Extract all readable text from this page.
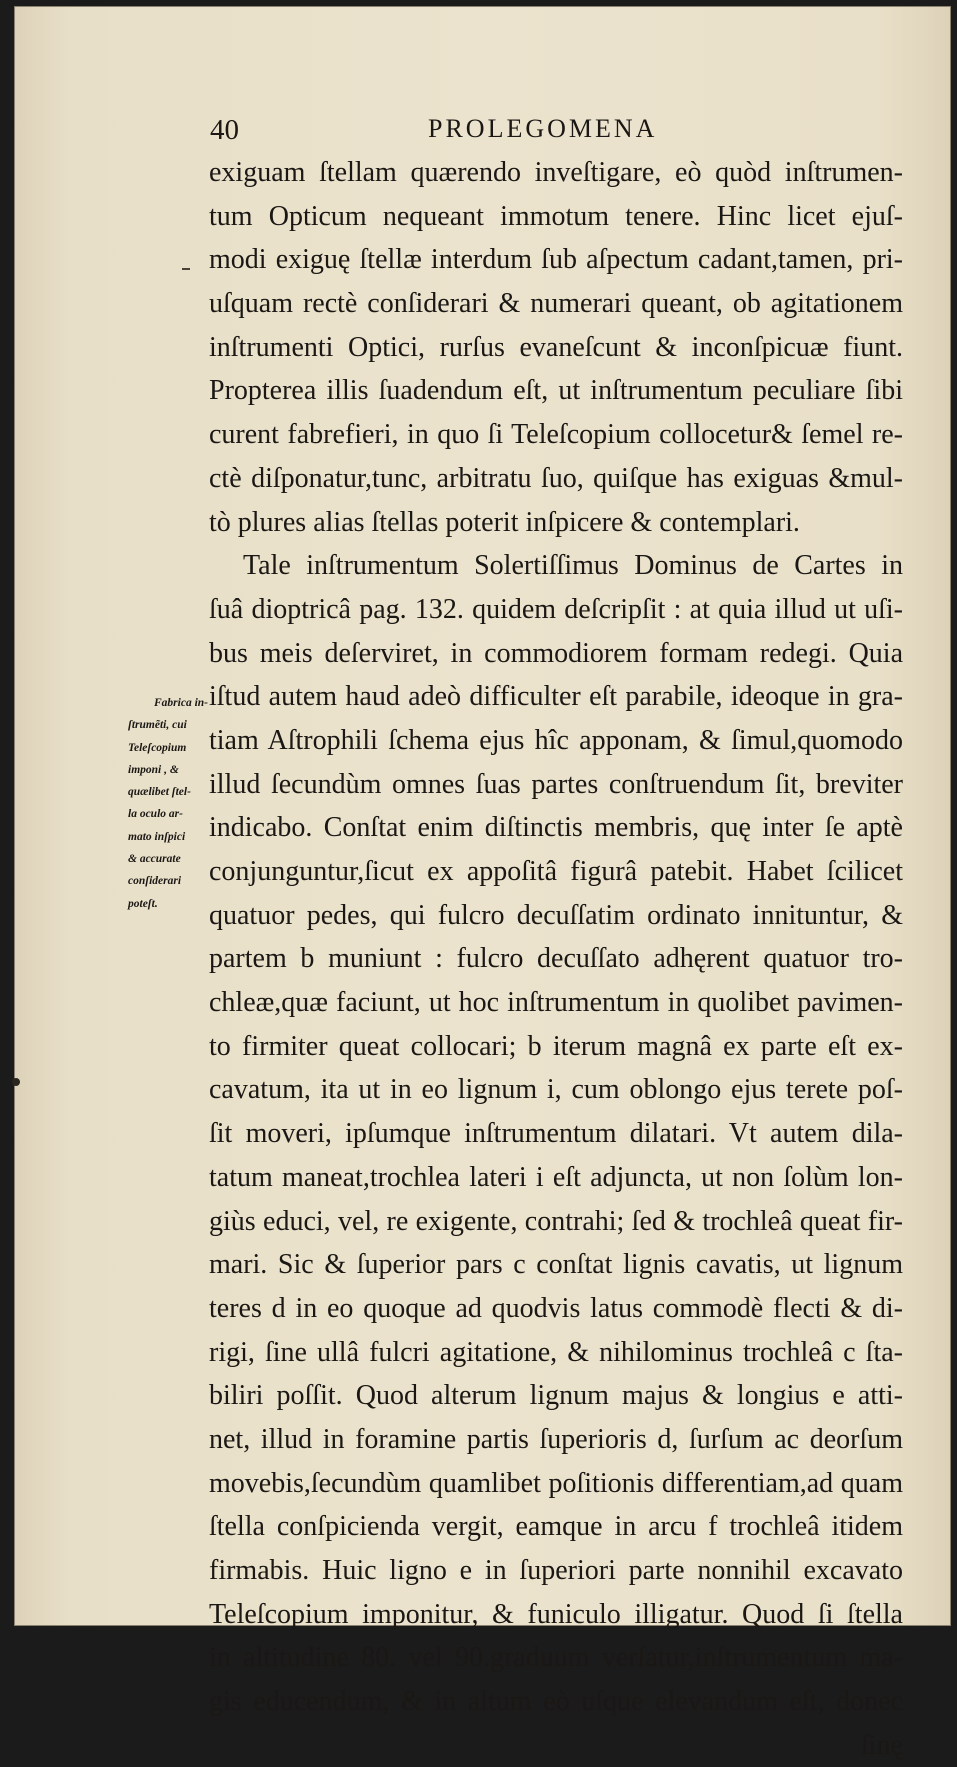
40	PROLEGOMENA
Fabrica in-
ſtrumẽti, cui
Teleſcopium
imponi , &
quælibet ſtel-
la oculo ar-
mato inſpici
& accurate
conſiderari
poteſt.
exiguam ſtellam quærendo inveſtigare, eò quòd inſtrumen-
tum Opticum nequeant immotum tenere. Hinc licet ejuſ-
modi exiguę ſtellæ interdum ſub aſpectum cadant,tamen, pri-
uſquam rectè conſiderari & numerari queant, ob agitationem
inſtrumenti Optici, rurſus evaneſcunt & inconſpicuæ fiunt.
Propterea illis ſuadendum eſt, ut inſtrumentum peculiare ſibi
curent fabrefieri, in quo ſi Teleſcopium collocetur& ſemel re-
ctè diſponatur,tunc, arbitratu ſuo, quiſque has exiguas &mul-
tò plures alias ſtellas poterit inſpicere & contemplari.
Tale inſtrumentum Solertiſſimus Dominus de Cartes in
ſuâ dioptricâ pag. 132. quidem deſcripſit : at quia illud ut uſi-
bus meis deſerviret, in commodiorem formam redegi. Quia
iſtud autem haud adeò difficulter eſt parabile, ideoque in gra-
tiam Aſtrophili ſchema ejus hîc apponam, & ſimul,quomodo
illud ſecundùm omnes ſuas partes conſtruendum ſit, breviter
indicabo. Conſtat enim diſtinctis membris, quę inter ſe aptè
conjunguntur,ſicut ex appoſitâ figurâ patebit. Habet ſcilicet
quatuor pedes, qui fulcro decuſſatim ordinato innituntur, &
partem b muniunt : fulcro decuſſato adhęrent quatuor tro-
chleæ,quæ faciunt, ut hoc inſtrumentum in quolibet pavimen-
to firmiter queat collocari; b iterum magnâ ex parte eſt ex-
cavatum, ita ut in eo lignum i, cum oblongo ejus terete poſ-
ſit moveri, ipſumque inſtrumentum dilatari. Vt autem dila-
tatum maneat,trochlea lateri i eſt adjuncta, ut non ſolùm lon-
giùs educi, vel, re exigente, contrahi; ſed & trochleâ queat fir-
mari. Sic & ſuperior pars c conſtat lignis cavatis, ut lignum
teres d in eo quoque ad quodvis latus commodè flecti & di-
rigi, ſine ullâ fulcri agitatione, & nihilominus trochleâ c ſta-
biliri poſſit. Quod alterum lignum majus & longius e atti-
net, illud in foramine partis ſuperioris d, ſurſum ac deorſum
movebis,ſecundùm quamlibet poſitionis differentiam,ad quam
ſtella conſpicienda vergit, eamque in arcu f trochleâ itidem
firmabis. Huic ligno e in ſuperiori parte nonnihil excavato
Teleſcopium imponitur, & funiculo illigatur. Quod ſi ſtella
in altitudine 80. vel 90.graduum verſatur,inſtrumentum ma-
gis educendum, & in altum eò uſque elevandum eſt, donec
ſinę
